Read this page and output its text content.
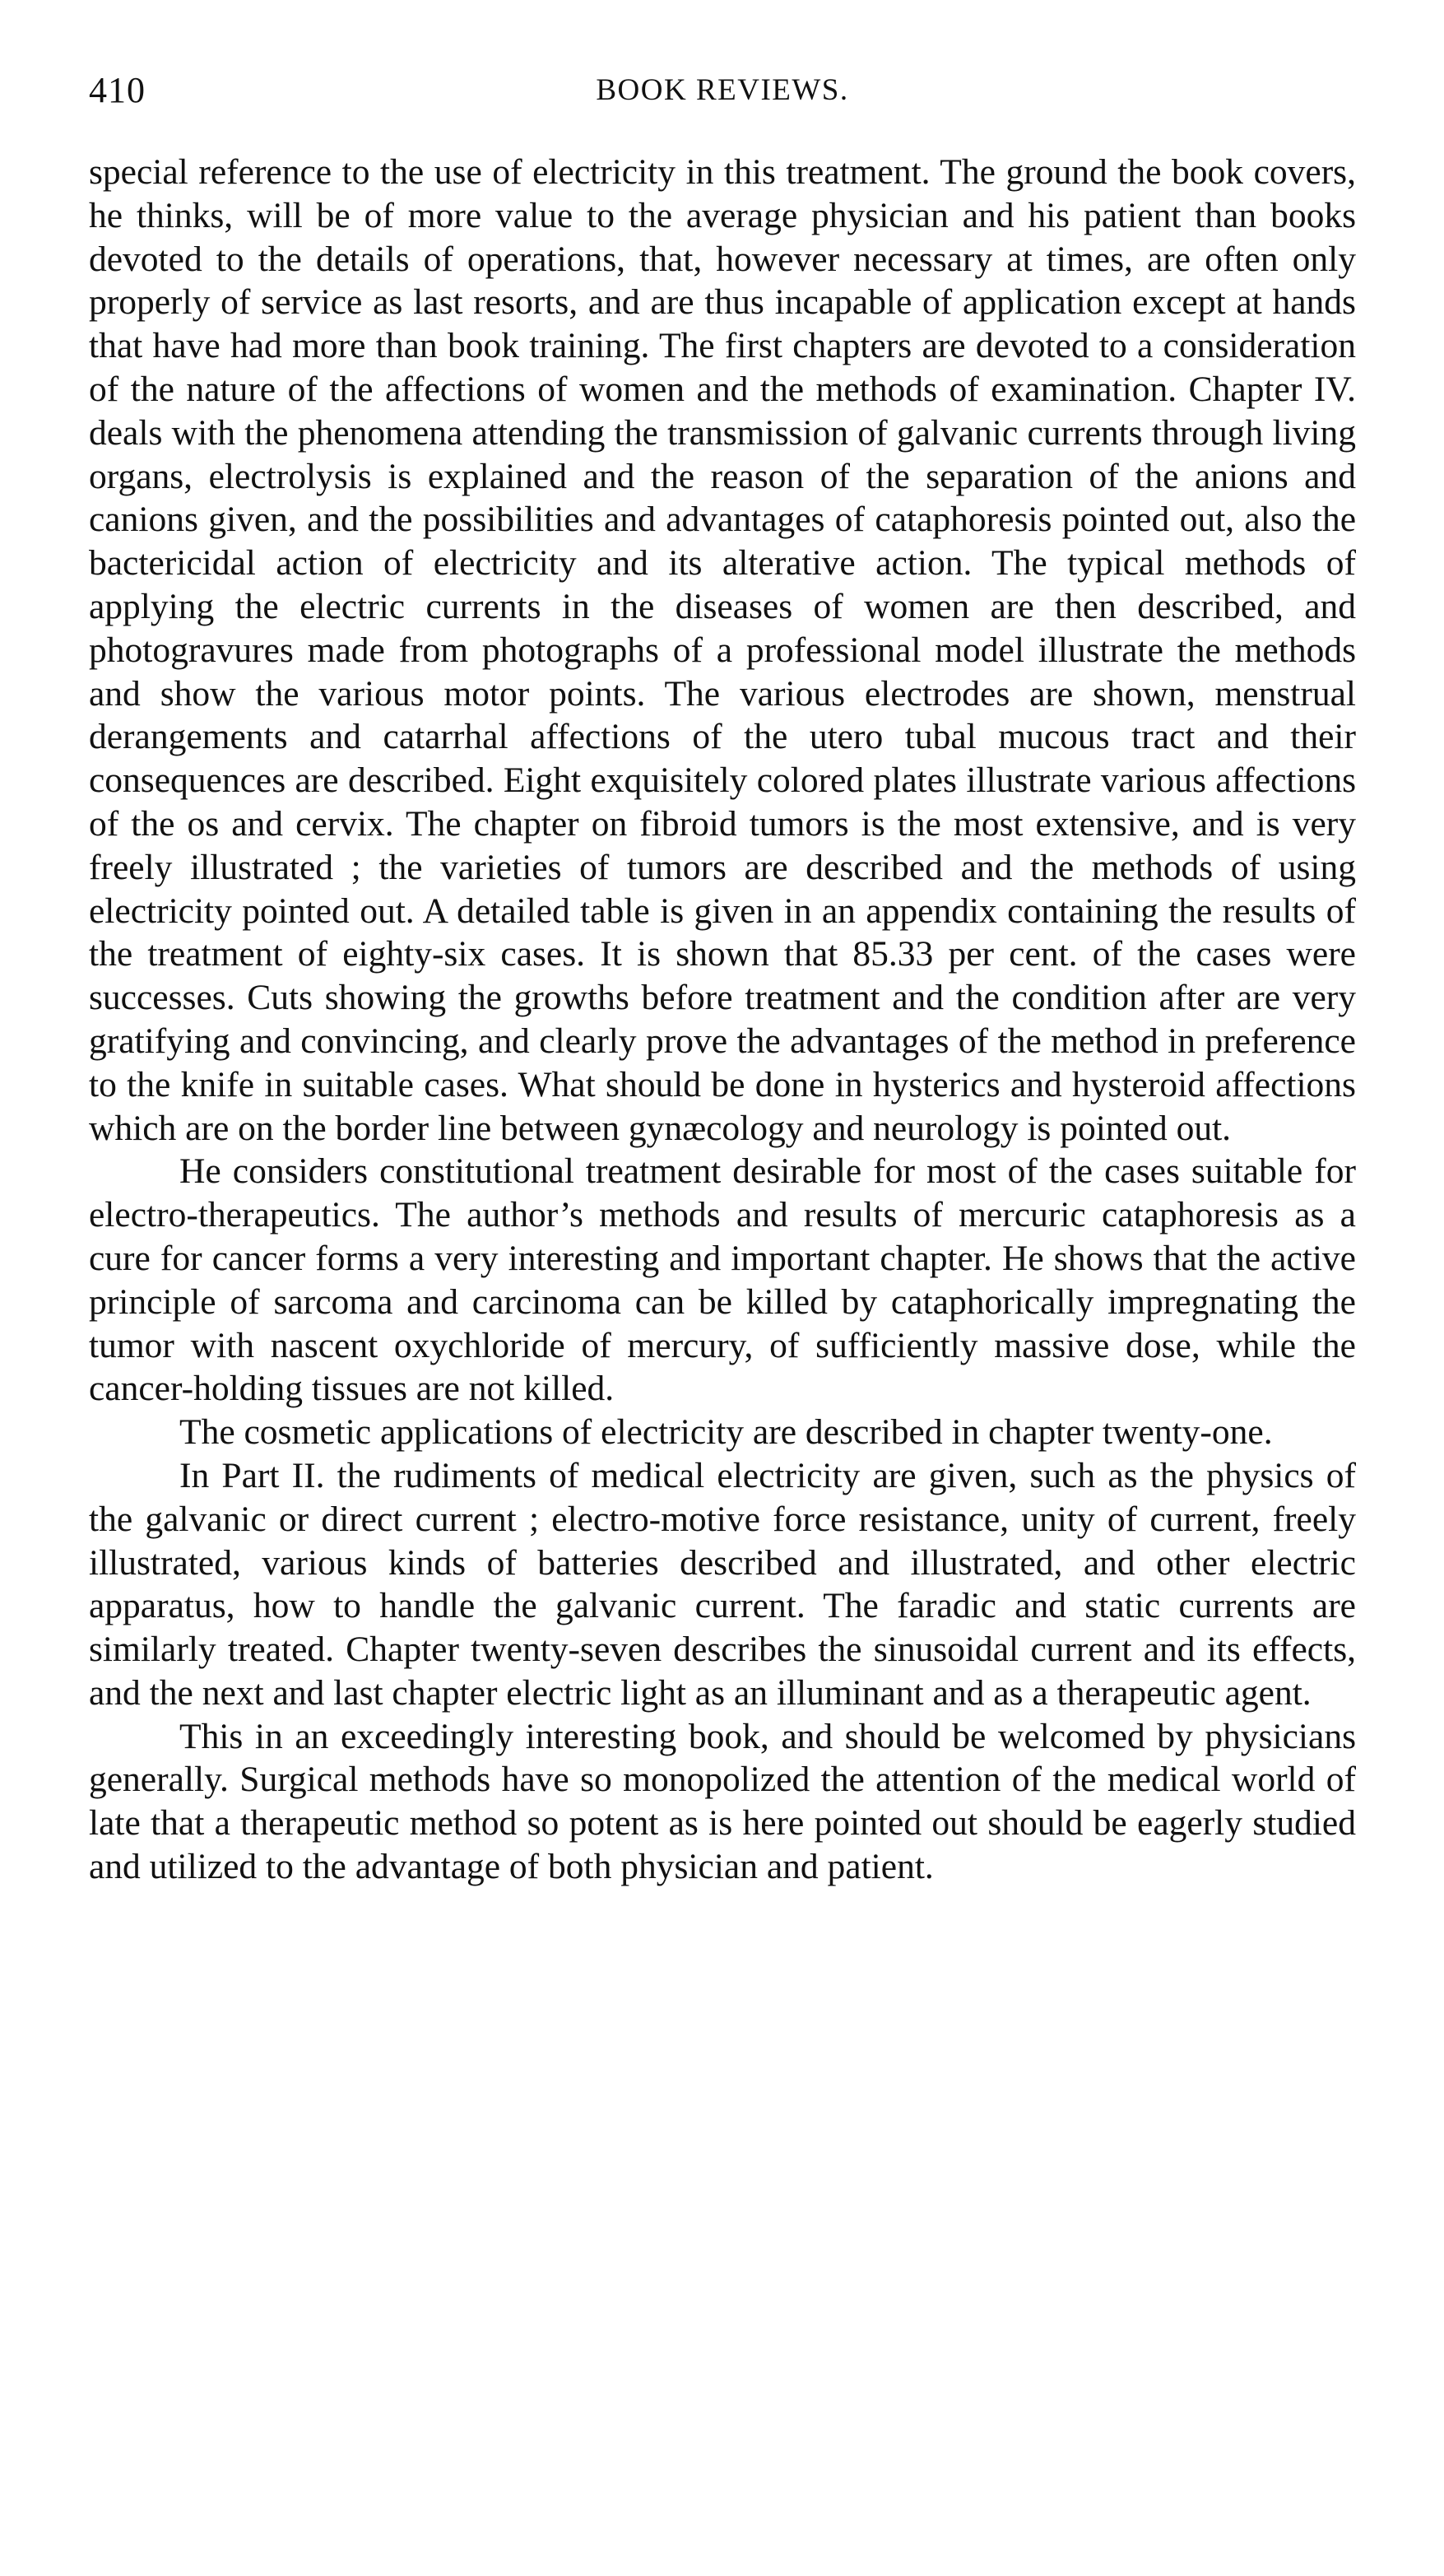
410	BOOK REVIEWS.

special reference to the use of electricity in this treatment. The ground the book covers, he thinks, will be of more value to the average physician and his patient than books devoted to the details of operations, that, however necessary at times, are often only properly of service as last resorts, and are thus incapable of application except at hands that have had more than book training. The first chapters are devoted to a consideration of the nature of the affections of women and the methods of examination. Chapter IV. deals with the phenomena attending the transmission of galvanic currents through living organs, electrolysis is explained and the reason of the separation of the anions and canions given, and the possibilities and advantages of cataphoresis pointed out, also the bactericidal action of electricity and its alterative action. The typical methods of applying the electric currents in the diseases of women are then described, and photogravures made from photographs of a professional model illustrate the methods and show the various motor points. The various electrodes are shown, menstrual derangements and catarrhal affections of the utero tubal mucous tract and their consequences are described. Eight exquisitely colored plates illustrate various affections of the os and cervix. The chapter on fibroid tumors is the most extensive, and is very freely illustrated ; the varieties of tumors are described and the methods of using electricity pointed out. A detailed table is given in an appendix containing the results of the treatment of eighty-six cases. It is shown that 85.33 per cent. of the cases were successes. Cuts showing the growths before treatment and the condition after are very gratifying and convincing, and clearly prove the advantages of the method in preference to the knife in suitable cases. What should be done in hysterics and hysteroid affections which are on the border line between gynæcology and neurology is pointed out.

He considers constitutional treatment desirable for most of the cases suitable for electro-therapeutics. The author’s methods and results of mercuric cataphoresis as a cure for cancer forms a very interesting and important chapter. He shows that the active principle of sarcoma and carcinoma can be killed by cataphorically impregnating the tumor with nascent oxychloride of mercury, of sufficiently massive dose, while the cancer-holding tissues are not killed.

The cosmetic applications of electricity are described in chapter twenty-one.

In Part II. the rudiments of medical electricity are given, such as the physics of the galvanic or direct current ; electro-motive force resistance, unity of current, freely illustrated, various kinds of batteries described and illustrated, and other electric apparatus, how to handle the galvanic current. The faradic and static currents are similarly treated. Chapter twenty-seven describes the sinusoidal current and its effects, and the next and last chapter electric light as an illuminant and as a therapeutic agent.

This in an exceedingly interesting book, and should be welcomed by physicians generally. Surgical methods have so monopolized the attention of the medical world of late that a therapeutic method so potent as is here pointed out should be eagerly studied and utilized to the advantage of both physician and patient.
